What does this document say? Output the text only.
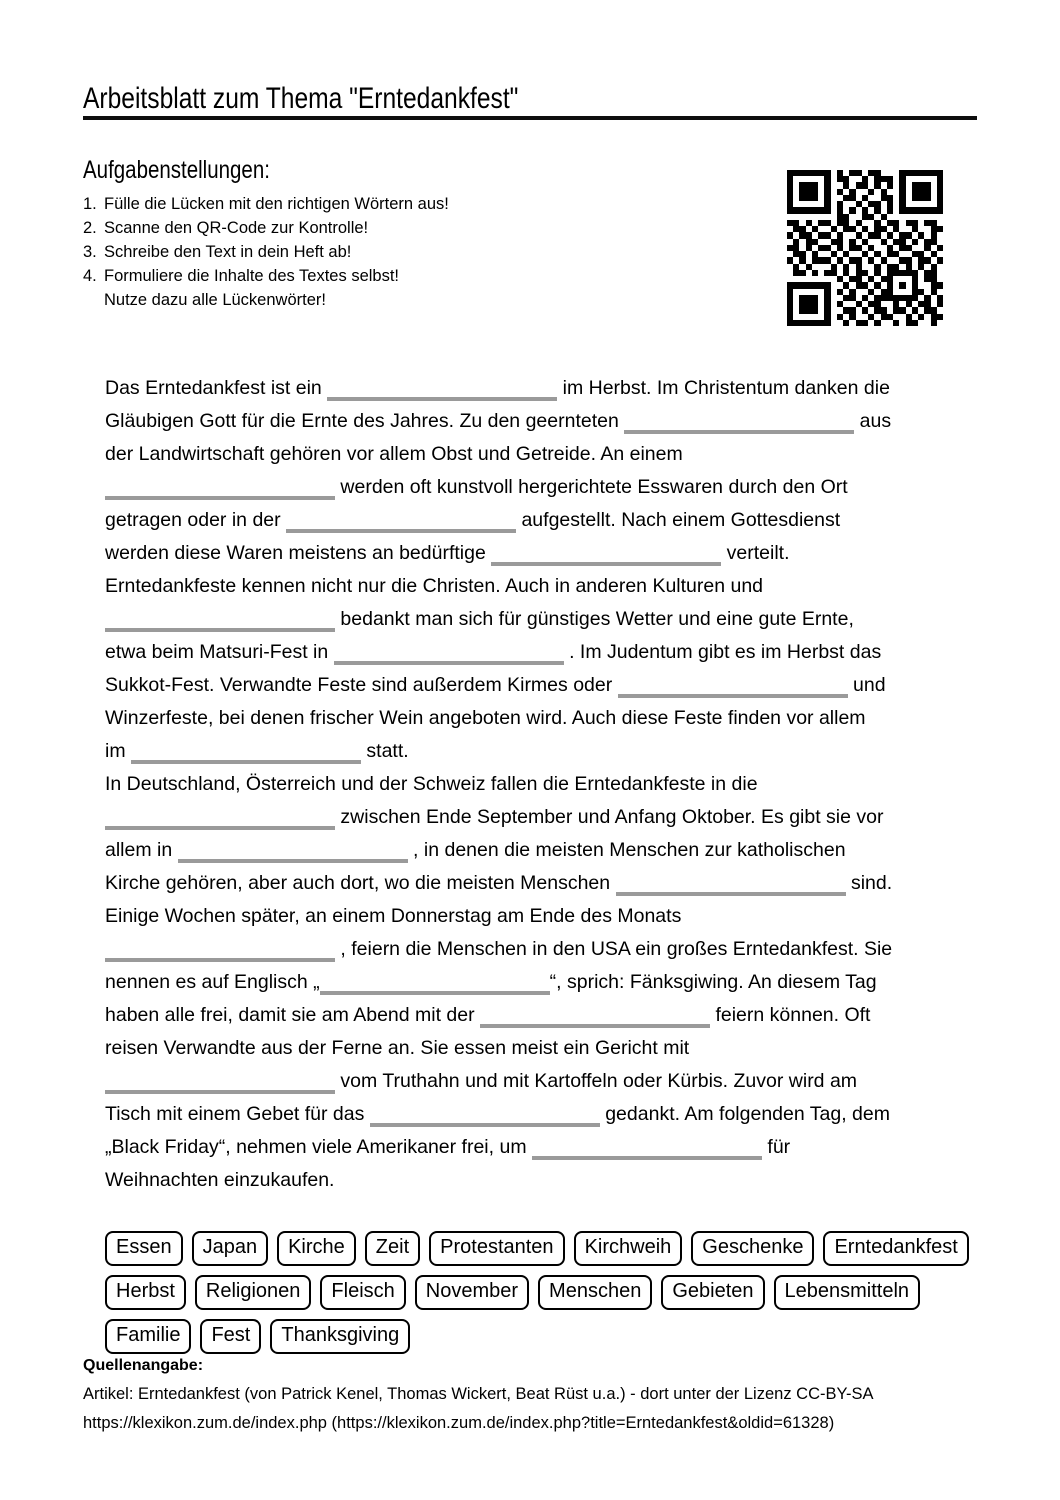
Arbeitsblatt zum Thema "Erntedankfest"
Aufgabenstellungen:
1. Fülle die Lücken mit den richtigen Wörtern aus!
2. Scanne den QR-Code zur Kontrolle!
3. Schreibe den Text in dein Heft ab!
4. Formuliere die Inhalte des Textes selbst!
Nutze dazu alle Lückenwörter!
Das Erntedankfest ist ein	im Herbst. Im Christentum danken die
Gläubigen Gott für die Ernte des Jahres. Zu den geernteten	aus
der Landwirtschaft gehören vor allem Obst und Getreide. An einem
werden oft kunstvoll hergerichtete Esswaren durch den Ort
getragen oder in der	aufgestellt. Nach einem Gottesdienst
werden diese Waren meistens an bedürftige	verteilt.
Erntedankfeste kennen nicht nur die Christen. Auch in anderen Kulturen und
bedankt man sich für günstiges Wetter und eine gute Ernte,
etwa beim Matsuri-Fest in	. Im Judentum gibt es im Herbst das
Sukkot-Fest. Verwandte Feste sind außerdem Kirmes oder	und
Winzerfeste, bei denen frischer Wein angeboten wird. Auch diese Feste finden vor allem
im	statt.
In Deutschland, Österreich und der Schweiz fallen die Erntedankfeste in die
zwischen Ende September und Anfang Oktober. Es gibt sie vor
allem in	, in denen die meisten Menschen zur katholischen
Kirche gehören, aber auch dort, wo die meisten Menschen	sind.
Einige Wochen später, an einem Donnerstag am Ende des Monats
, feiern die Menschen in den USA ein großes Erntedankfest. Sie
nennen es auf Englisch „	“, sprich: Fänksgiwing. An diesem Tag
haben alle frei, damit sie am Abend mit der	feiern können. Oft
reisen Verwandte aus der Ferne an. Sie essen meist ein Gericht mit
vom Truthahn und mit Kartoffeln oder Kürbis. Zuvor wird am
Tisch mit einem Gebet für das	gedankt. Am folgenden Tag, dem
„Black Friday“, nehmen viele Amerikaner frei, um	für
Weihnachten einzukaufen.
Essen	Japan	Kirche	Zeit	Protestanten	Kirchweih	Geschenke	Erntedankfest
Herbst	Religionen	Fleisch	November	Menschen	Gebieten	Lebensmitteln
Familie	Fest	Thanksgiving
Quellenangabe:
Artikel: Erntedankfest (von Patrick Kenel, Thomas Wickert, Beat Rüst u.a.) - dort unter der Lizenz CC-BY-SA
https://klexikon.zum.de/index.php (https://klexikon.zum.de/index.php?title=Erntedankfest&oldid=61328)
